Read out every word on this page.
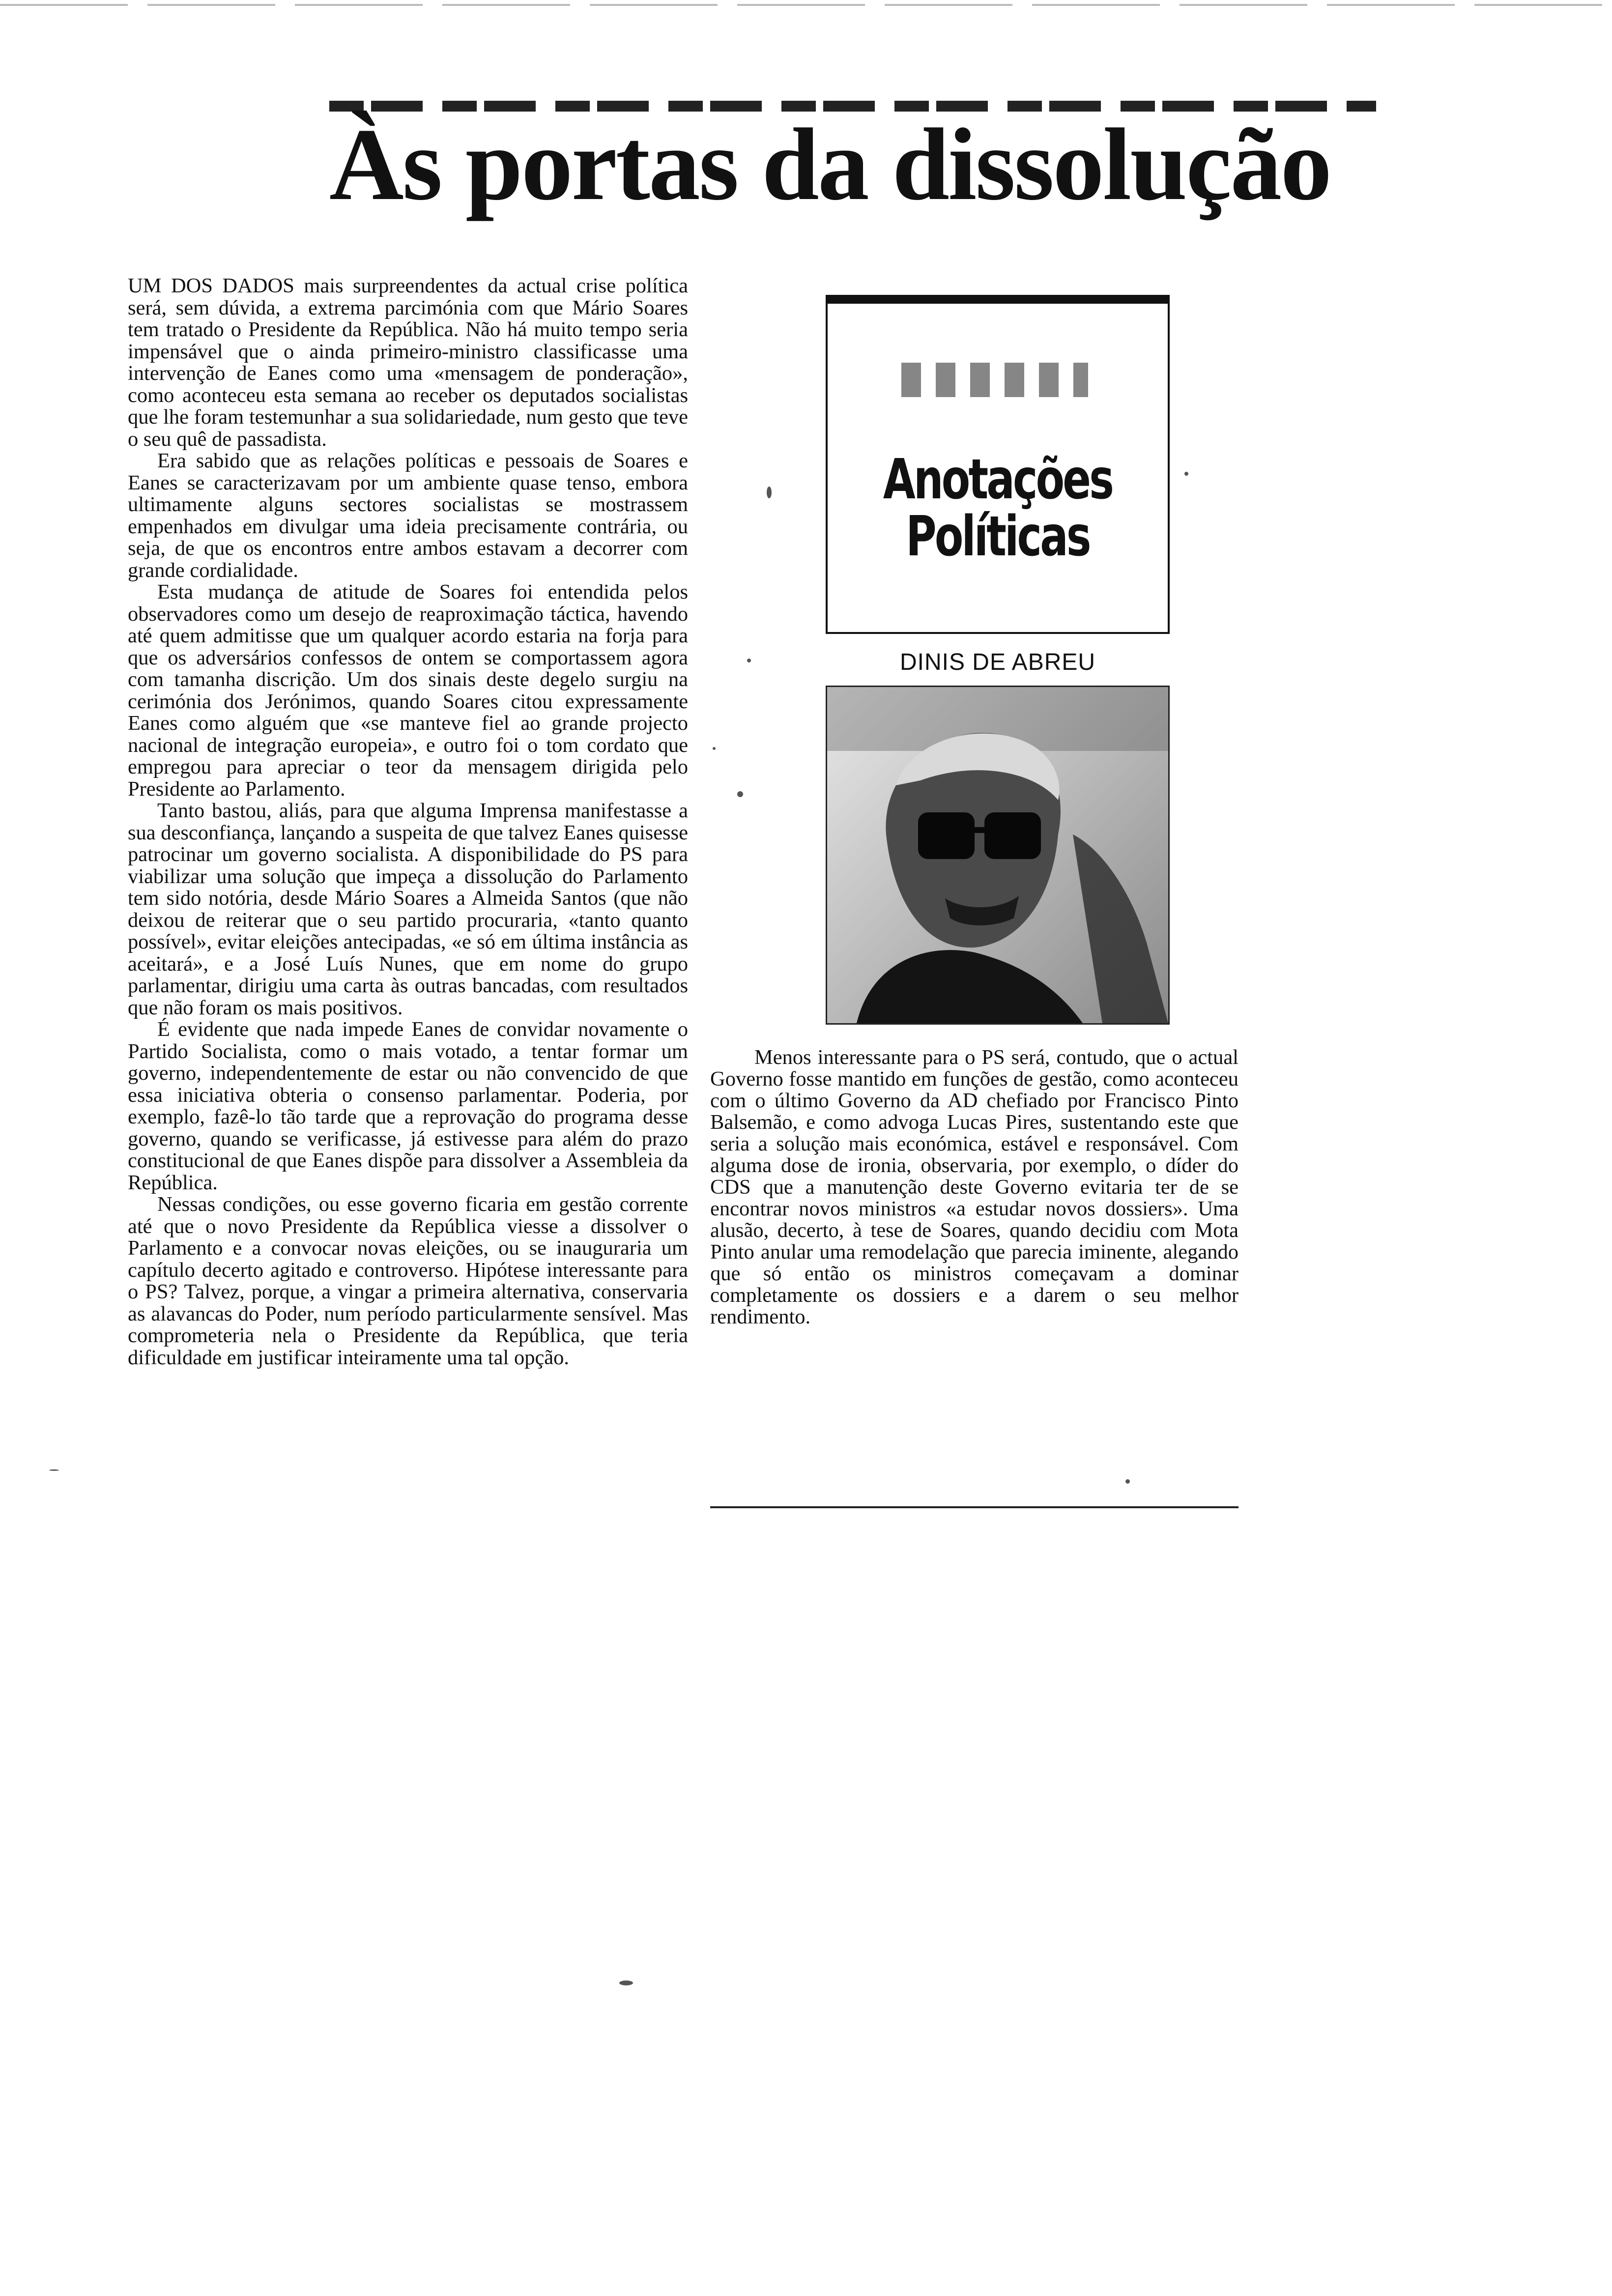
Às portas da dissolução

UM DOS DADOS mais surpreendentes da actual crise política será, sem dúvida, a extrema parcimónia com que Mário Soares tem tratado o Presidente da República. Não há muito tempo seria impensável que o ainda primeiro-ministro classificasse uma intervenção de Eanes como uma «mensagem de ponderação», como aconteceu esta semana ao receber os deputados socialistas que lhe foram testemunhar a sua solidariedade, num gesto que teve o seu quê de passadista.

Era sabido que as relações políticas e pessoais de Soares e Eanes se caracterizavam por um ambiente quase tenso, embora ultimamente alguns sectores socialistas se mostrassem empenhados em divulgar uma ideia precisamente contrária, ou seja, de que os encontros entre ambos estavam a decorrer com grande cordialidade.

Esta mudança de atitude de Soares foi entendida pelos observadores como um desejo de reaproximação táctica, havendo até quem admitisse que um qualquer acordo estaria na forja para que os adversários confessos de ontem se comportassem agora com tamanha discrição. Um dos sinais deste degelo surgiu na cerimónia dos Jerónimos, quando Soares citou expressamente Eanes como alguém que «se manteve fiel ao grande projecto nacional de integração europeia», e outro foi o tom cordato que empregou para apreciar o teor da mensagem dirigida pelo Presidente ao Parlamento.

Tanto bastou, aliás, para que alguma Imprensa manifestasse a sua desconfiança, lançando a suspeita de que talvez Eanes quisesse patrocinar um governo socialista. A disponibilidade do PS para viabilizar uma solução que impeça a dissolução do Parlamento tem sido notória, desde Mário Soares a Almeida Santos (que não deixou de reiterar que o seu partido procuraria, «tanto quanto possível», evitar eleições antecipadas, «e só em última instância as aceitará», e a José Luís Nunes, que em nome do grupo parlamentar, dirigiu uma carta às outras bancadas, com resultados que não foram os mais positivos.

É evidente que nada impede Eanes de convidar novamente o Partido Socialista, como o mais votado, a tentar formar um governo, independentemente de estar ou não convencido de que essa iniciativa obteria o consenso parlamentar. Poderia, por exemplo, fazê-lo tão tarde que a reprovação do programa desse governo, quando se verificasse, já estivesse para além do prazo constitucional de que Eanes dispõe para dissolver a Assembleia da República.

Nessas condições, ou esse governo ficaria em gestão corrente até que o novo Presidente da República viesse a dissolver o Parlamento e a convocar novas eleições, ou se inauguraria um capítulo decerto agitado e controverso. Hipótese interessante para o PS? Talvez, porque, a vingar a primeira alternativa, conservaria as alavancas do Poder, num período particularmente sensível. Mas comprometeria nela o Presidente da República, que teria dificuldade em justificar inteiramente uma tal opção.

Anotações
Políticas
DINIS DE ABREU

Menos interessante para o PS será, contudo, que o actual Governo fosse mantido em funções de gestão, como aconteceu com o último Governo da AD chefiado por Francisco Pinto Balsemão, e como advoga Lucas Pires, sustentando este que seria a solução mais económica, estável e responsável. Com alguma dose de ironia, observaria, por exemplo, o díder do CDS que a manutenção deste Governo evitaria ter de se encontrar novos ministros «a estudar novos dossiers». Uma alusão, decerto, à tese de Soares, quando decidiu com Mota Pinto anular uma remodelação que parecia iminente, alegando que só então os ministros começavam a dominar completamente os dossiers e a darem o seu melhor rendimento.
